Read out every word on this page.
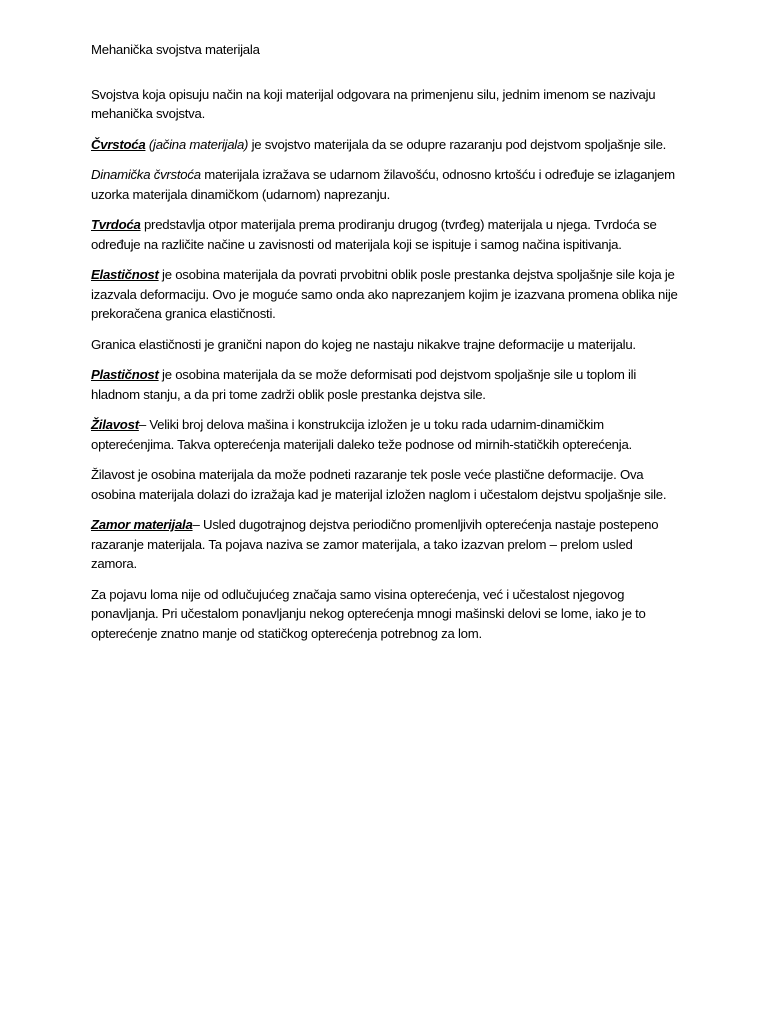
Mehanička svojstva materijala

Svojstva koja opisuju način na koji materijal odgovara na primenjenu silu, jednim imenom se nazivaju mehanička svojstva.

Čvrstoća (jačina materijala) je svojstvo materijala da se odupre razaranju pod dejstvom spoljašnje sile.

Dinamička čvrstoća materijala izražava se udarnom žilavošću, odnosno krtošću i određuje se izlaganjem uzorka materijala dinamičkom (udarnom) naprezanju.

Tvrdoća predstavlja otpor materijala prema prodiranju drugog (tvrđeg) materijala u njega. Tvrdoća se određuje na različite načine u zavisnosti od materijala koji se ispituje i samog načina ispitivanja.

Elastičnost je osobina materijala da povrati prvobitni oblik posle prestanka dejstva spoljašnje sile koja je izazvala deformaciju. Ovo je moguće samo onda ako naprezanjem kojim je izazvana promena oblika nije prekoračena granica elastičnosti.

Granica elastičnosti je granični napon do kojeg ne nastaju nikakve trajne deformacije u materijalu.

Plastičnost je osobina materijala da se može deformisati pod dejstvom spoljašnje sile u toplom ili hladnom stanju, a da pri tome zadrži oblik posle prestanka dejstva sile.

Žilavost– Veliki broj delova mašina i konstrukcija izložen je u toku rada udarnim-dinamičkim opterećenjima. Takva opterećenja materijali daleko teže podnose od mirnih-statičkih opterećenja.

Žilavost je osobina materijala da može podneti razaranje tek posle veće plastične deformacije. Ova osobina materijala dolazi do izražaja kad je materijal izložen naglom i učestalom dejstvu spoljašnje sile.

Zamor materijala– Usled dugotrajnog dejstva periodično promenljivih opterećenja nastaje postepeno razaranje materijala. Ta pojava naziva se zamor materijala, a tako izazvan prelom – prelom usled zamora.

Za pojavu loma nije od odlučujućeg značaja samo visina opterećenja, već i učestalost njegovog ponavljanja. Pri učestalom ponavljanju nekog opterećenja mnogi mašinski delovi se lome, iako je to opterećenje znatno manje od statičkog opterećenja potrebnog za lom.
